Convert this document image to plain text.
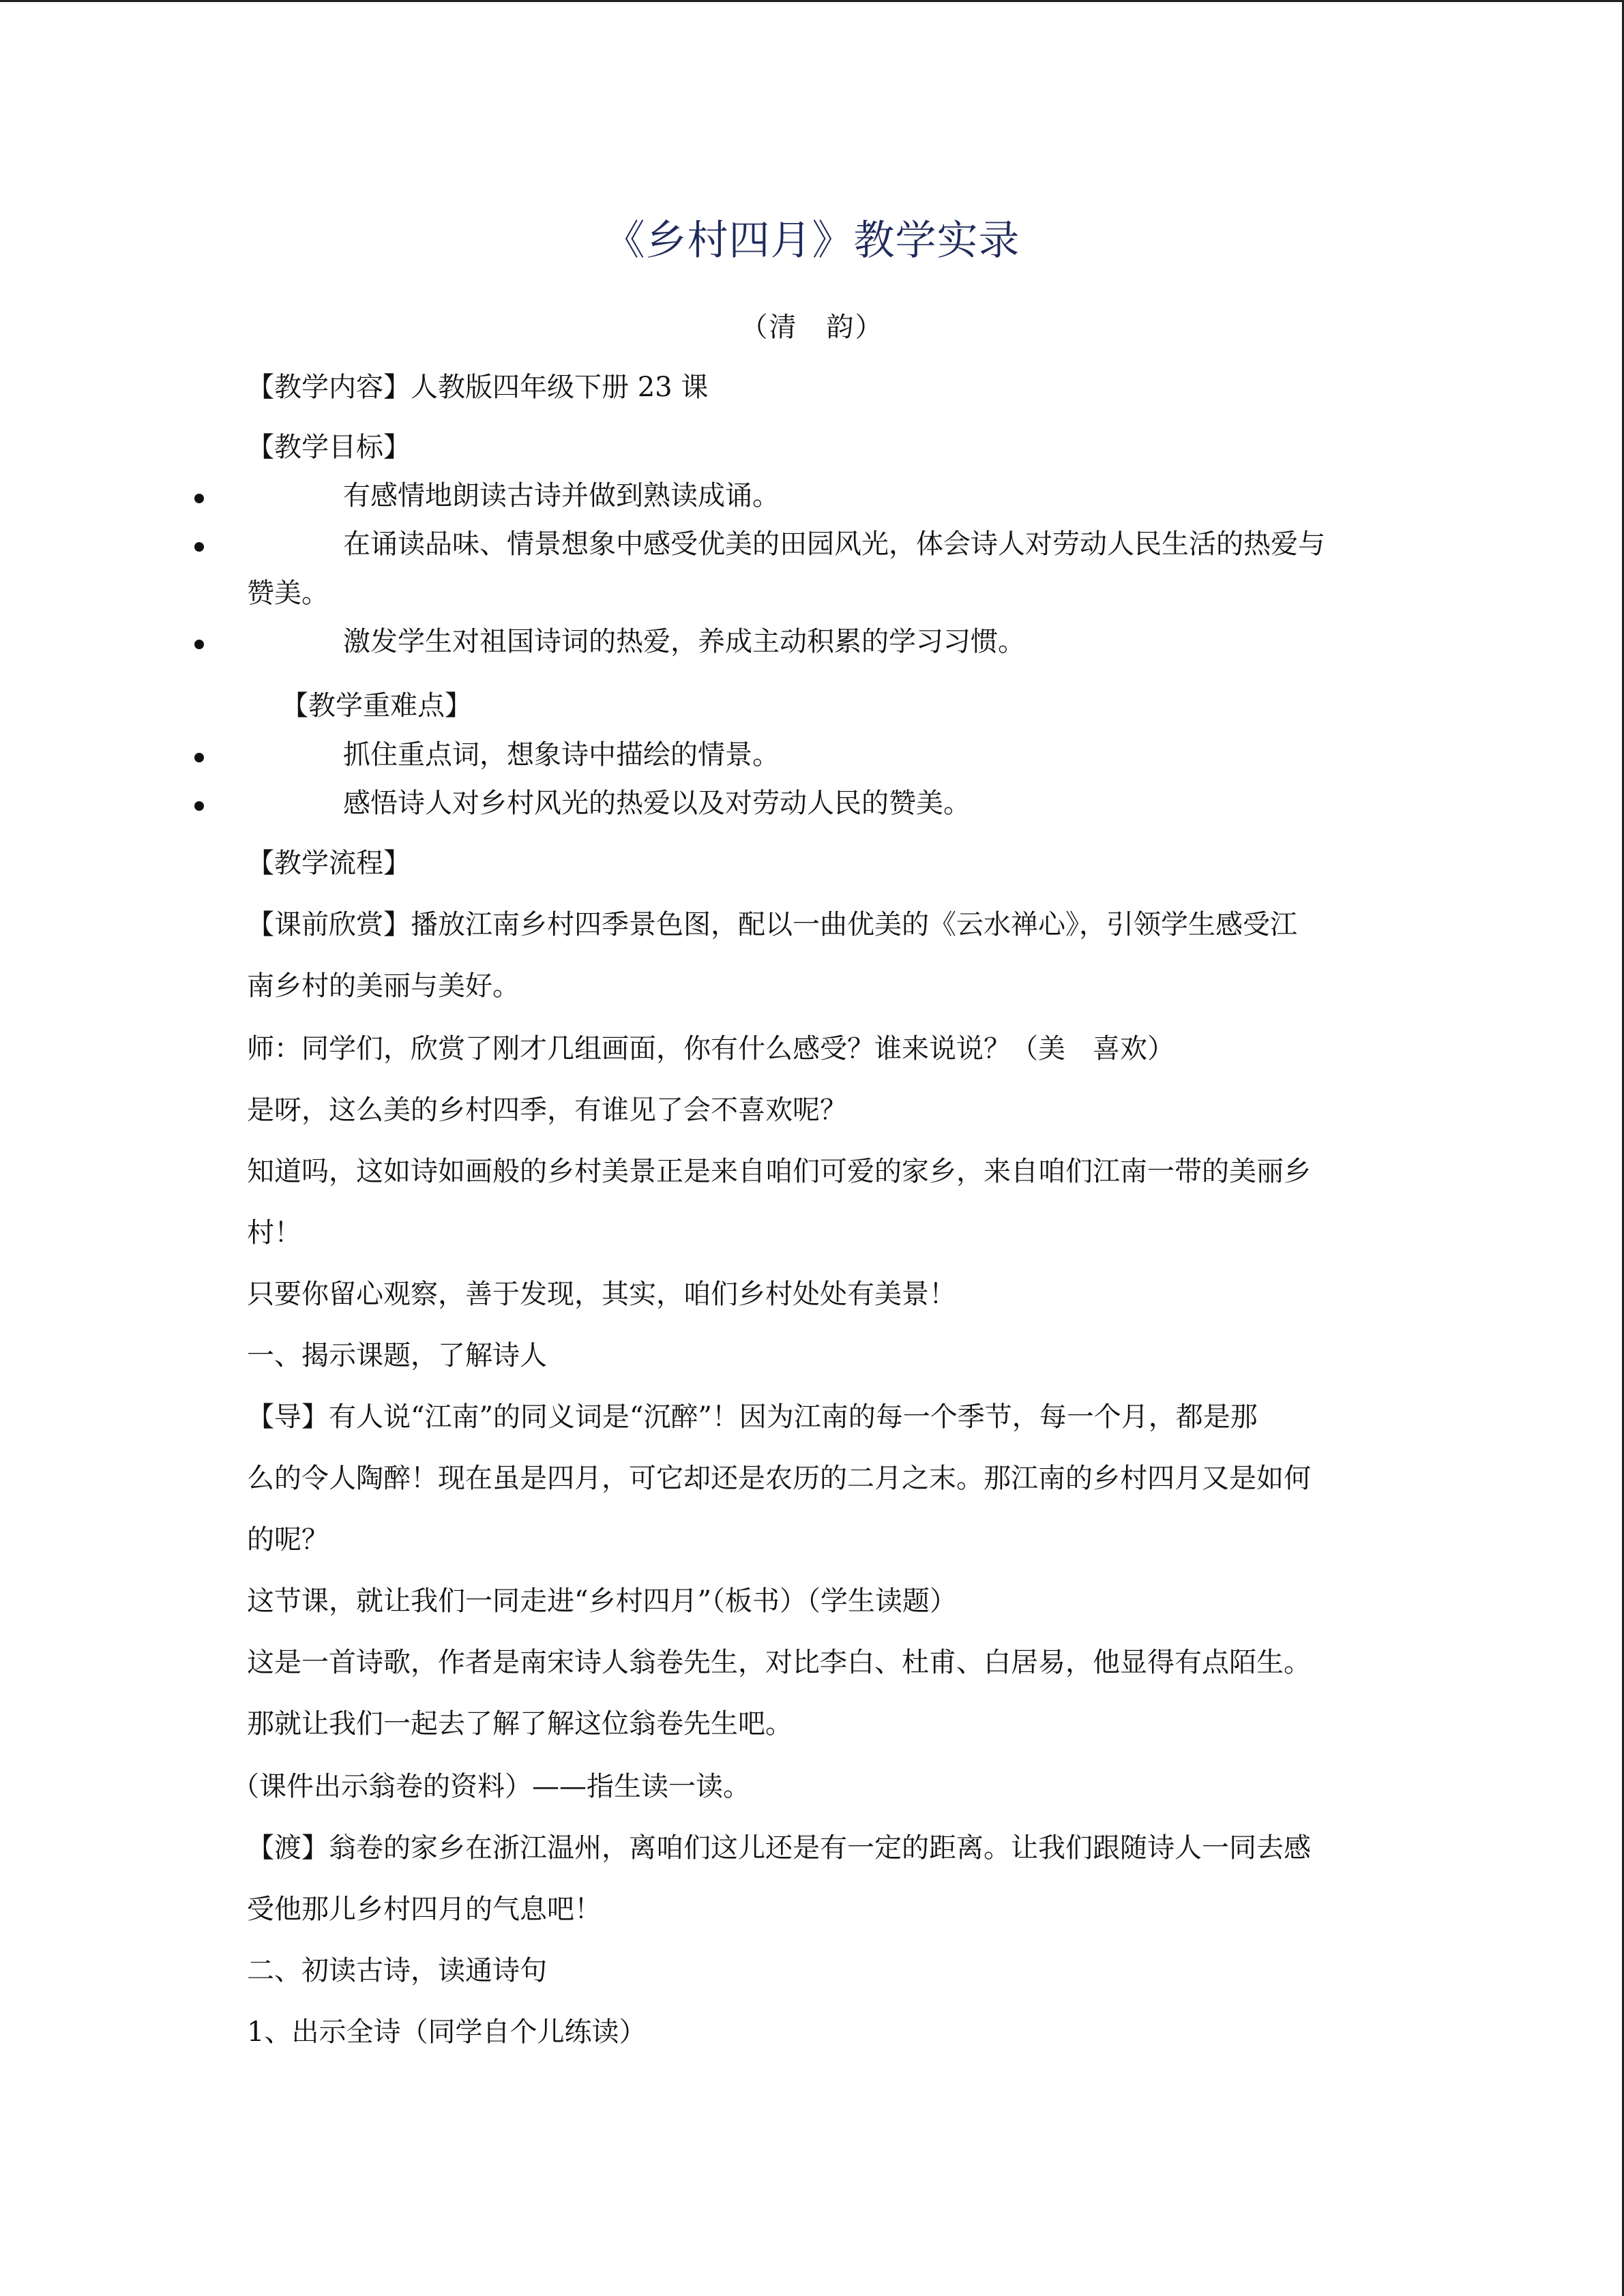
《乡村四月》教学实录
（清　韵）
【教学内容】人教版四年级下册 23 课
【教学目标】
有感情地朗读古诗并做到熟读成诵。
在诵读品味、情景想象中感受优美的田园风光，体会诗人对劳动人民生活的热爱与
赞美。
激发学生对祖国诗词的热爱，养成主动积累的学习习惯。
【教学重难点】
抓住重点词，想象诗中描绘的情景。
感悟诗人对乡村风光的热爱以及对劳动人民的赞美。
【教学流程】
【课前欣赏】播放江南乡村四季景色图，配以一曲优美的《云水禅心》，引领学生感受江
南乡村的美丽与美好。
师：同学们，欣赏了刚才几组画面，你有什么感受？谁来说说？（美　喜欢）
是呀，这么美的乡村四季，有谁见了会不喜欢呢？
知道吗，这如诗如画般的乡村美景正是来自咱们可爱的家乡，来自咱们江南一带的美丽乡
村！
只要你留心观察，善于发现，其实，咱们乡村处处有美景！
一、揭示课题，了解诗人
【导】有人说“江南”的同义词是“沉醉”！因为江南的每一个季节，每一个月，都是那
么的令人陶醉！现在虽是四月，可它却还是农历的二月之末。那江南的乡村四月又是如何
的呢？
这节课，就让我们一同走进“乡村四月”（板书）（学生读题）
这是一首诗歌，作者是南宋诗人翁卷先生，对比李白、杜甫、白居易，他显得有点陌生。
那就让我们一起去了解了解这位翁卷先生吧。
（课件出示翁卷的资料）——指生读一读。
【渡】翁卷的家乡在浙江温州，离咱们这儿还是有一定的距离。让我们跟随诗人一同去感
受他那儿乡村四月的气息吧！
二、初读古诗，读通诗句
1、出示全诗（同学自个儿练读）
